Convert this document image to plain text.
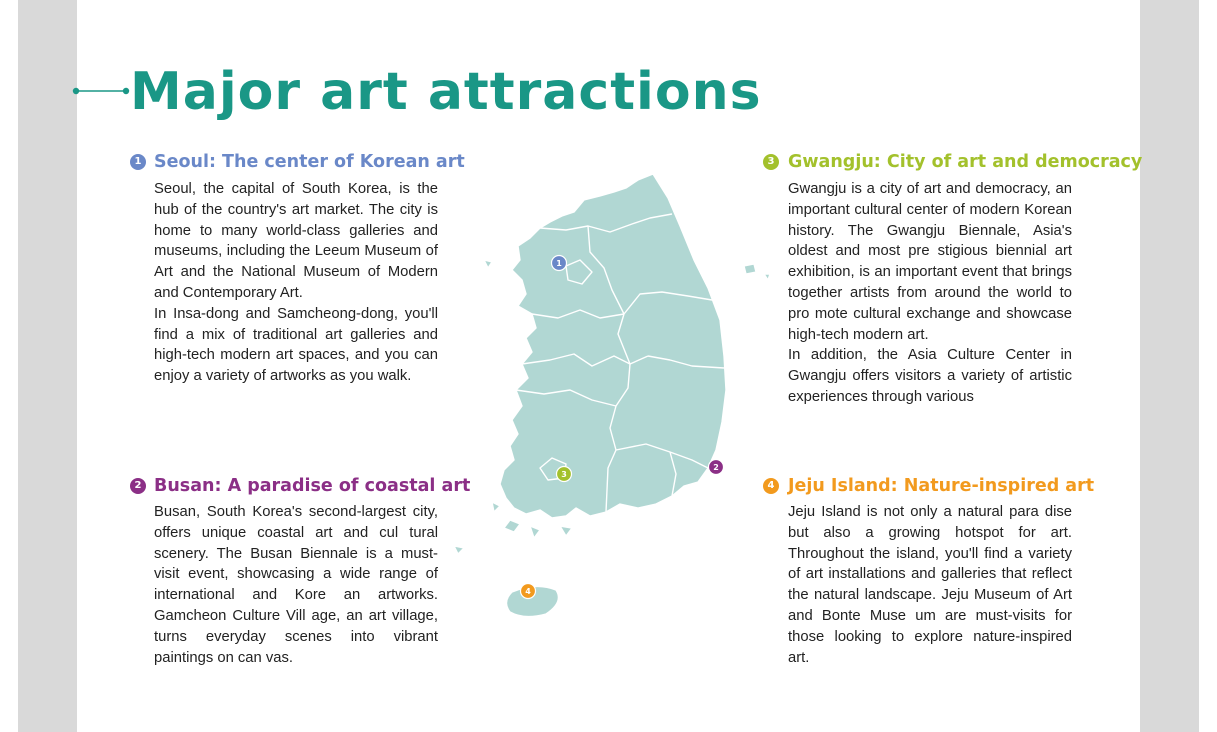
Major art attractions
1 Seoul: The center of Korean art

Seoul, the capital of South Korea, is the hub of the country's art market. The city is home to many world-class galleries and museums, including the Leeum Museum of Art and the National Museum of Modern and Contemporary Art.

In Insa-dong and Samcheong-dong, you'll find a mix of traditional art galleries and high-tech modern art spaces, and you can enjoy a variety of artworks as you walk.

2 Busan: A paradise of coastal art

Busan, South Korea's second-largest city, offers unique coastal art and cul tural scenery. The Busan Biennale is a must-visit event, showcasing a wide range of international and Kore an artworks. Gamcheon Culture Vill age, an art village, turns everyday scenes into vibrant paintings on can vas.

3 Gwangju: City of art and democracy

Gwangju is a city of art and democracy, an important cultural center of modern Korean history. The Gwangju Biennale, Asia's oldest and most pre stigious biennial art exhibition, is an important event that brings together artists from around the world to pro mote cultural exchange and showcase high-tech modern art.

In addition, the Asia Culture Center in Gwangju offers visitors a variety of artistic experiences through various

4 Jeju Island: Nature-inspired art

Jeju Island is not only a natural para dise but also a growing hotspot for art. Throughout the island, you'll find a variety of art installations and galleries that reflect the natural landscape. Jeju Museum of Art and Bonte Muse um are must-visits for those looking to explore nature-inspired art.

1
2
3
4
